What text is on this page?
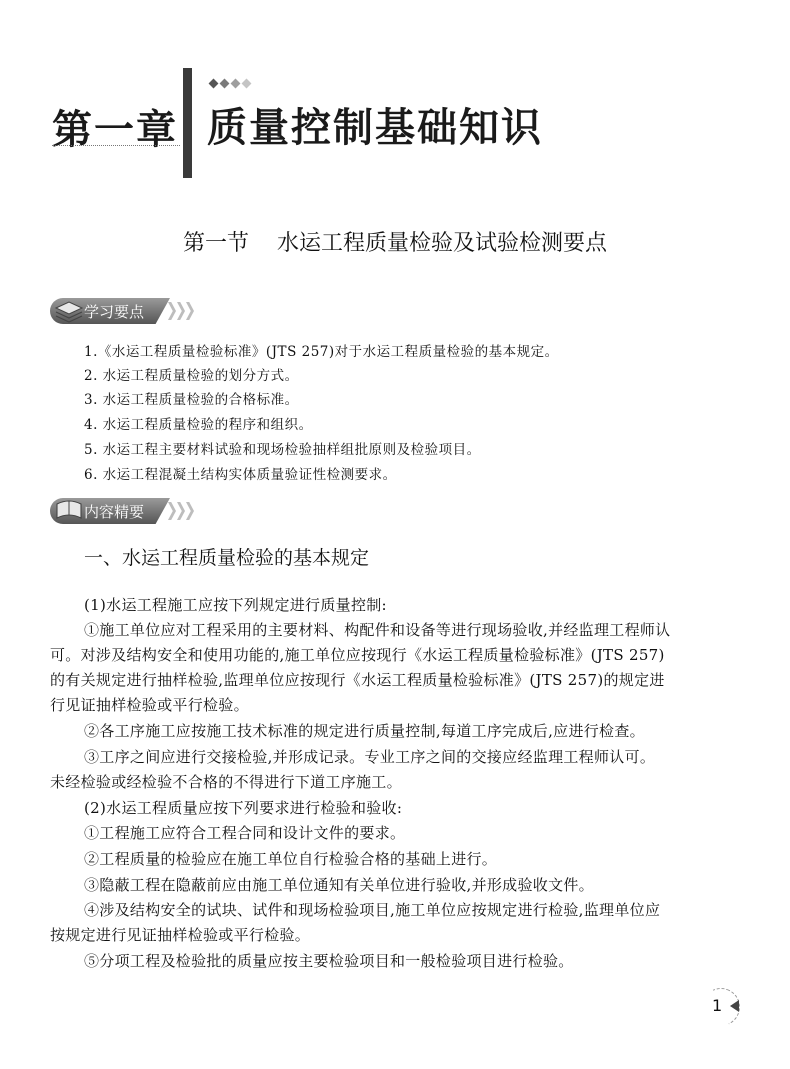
第一章 质量控制基础知识
第一节    水运工程质量检验及试验检测要点
学习要点
1.《水运工程质量检验标准》(JTS 257)对于水运工程质量检验的基本规定。
2. 水运工程质量检验的划分方式。
3. 水运工程质量检验的合格标准。
4. 水运工程质量检验的程序和组织。
5. 水运工程主要材料试验和现场检验抽样组批原则及检验项目。
6. 水运工程混凝土结构实体质量验证性检测要求。
内容精要
一、水运工程质量检验的基本规定
(1)水运工程施工应按下列规定进行质量控制:
①施工单位应对工程采用的主要材料、构配件和设备等进行现场验收,并经监理工程师认
可。对涉及结构安全和使用功能的,施工单位应按现行《水运工程质量检验标准》(JTS 257)
的有关规定进行抽样检验,监理单位应按现行《水运工程质量检验标准》(JTS 257)的规定进
行见证抽样检验或平行检验。
②各工序施工应按施工技术标准的规定进行质量控制,每道工序完成后,应进行检查。
③工序之间应进行交接检验,并形成记录。专业工序之间的交接应经监理工程师认可。
未经检验或经检验不合格的不得进行下道工序施工。
(2)水运工程质量应按下列要求进行检验和验收:
①工程施工应符合工程合同和设计文件的要求。
②工程质量的检验应在施工单位自行检验合格的基础上进行。
③隐蔽工程在隐蔽前应由施工单位通知有关单位进行验收,并形成验收文件。
④涉及结构安全的试块、试件和现场检验项目,施工单位应按规定进行检验,监理单位应
按规定进行见证抽样检验或平行检验。
⑤分项工程及检验批的质量应按主要检验项目和一般检验项目进行检验。
1
